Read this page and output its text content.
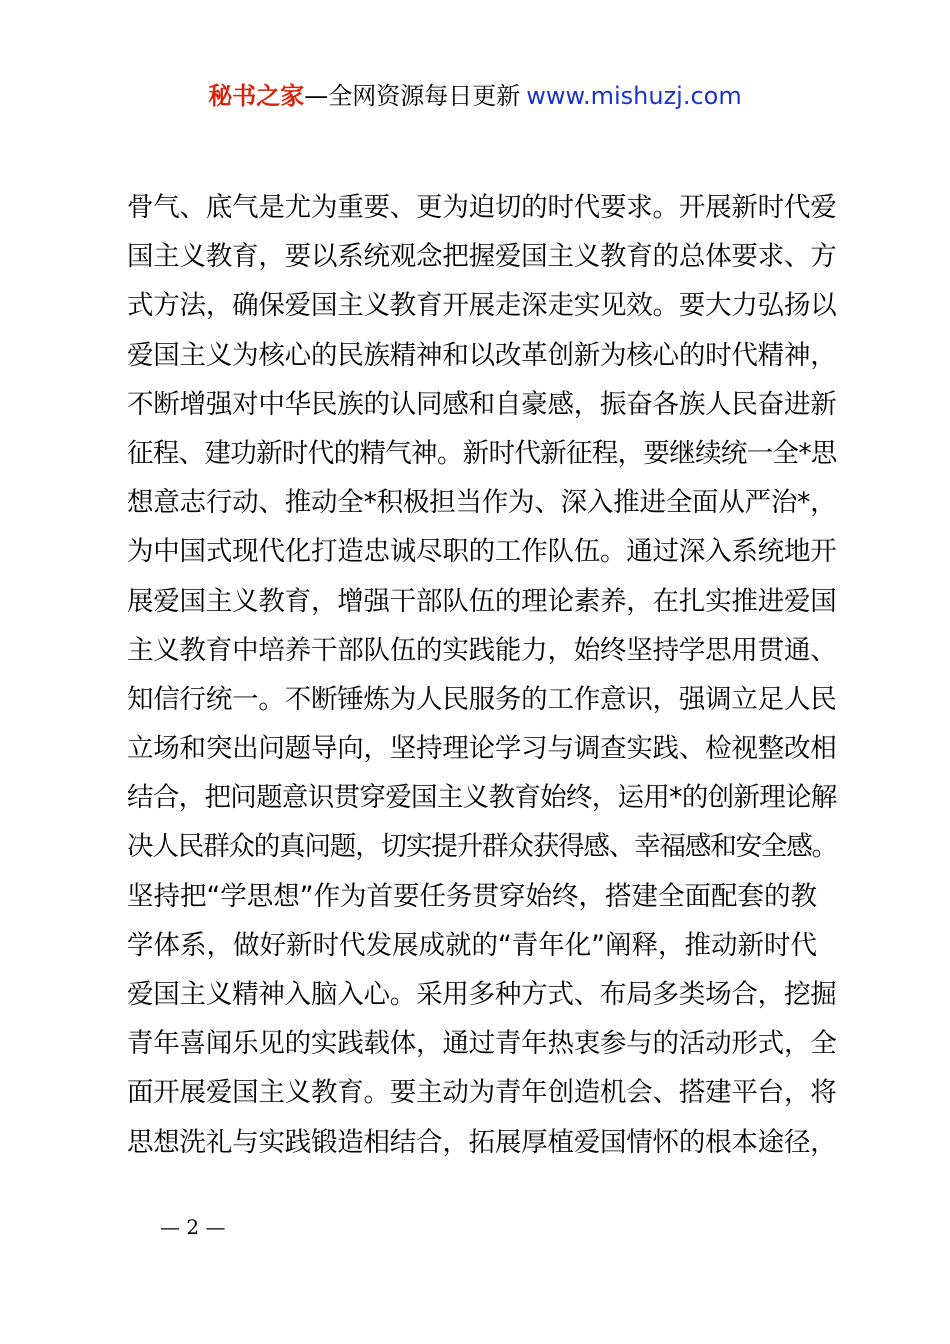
秘书之家—全网资源每日更新 www.mishuzj.com
骨气、底气是尤为重要、更为迫切的时代要求。开展新时代爱
国主义教育，要以系统观念把握爱国主义教育的总体要求、方
式方法，确保爱国主义教育开展走深走实见效。要大力弘扬以
爱国主义为核心的民族精神和以改革创新为核心的时代精神，
不断增强对中华民族的认同感和自豪感，振奋各族人民奋进新
征程、建功新时代的精气神。新时代新征程，要继续统一全*思
想意志行动、推动全*积极担当作为、深入推进全面从严治*，
为中国式现代化打造忠诚尽职的工作队伍。通过深入系统地开
展爱国主义教育，增强干部队伍的理论素养，在扎实推进爱国
主义教育中培养干部队伍的实践能力，始终坚持学思用贯通、
知信行统一。不断锤炼为人民服务的工作意识，强调立足人民
立场和突出问题导向，坚持理论学习与调查实践、检视整改相
结合，把问题意识贯穿爱国主义教育始终，运用*的创新理论解
决人民群众的真问题，切实提升群众获得感、幸福感和安全感。
坚持把“学思想”作为首要任务贯穿始终，搭建全面配套的教
学体系，做好新时代发展成就的“青年化”阐释，推动新时代
爱国主义精神入脑入心。采用多种方式、布局多类场合，挖掘
青年喜闻乐见的实践载体，通过青年热衷参与的活动形式，全
面开展爱国主义教育。要主动为青年创造机会、搭建平台，将
思想洗礼与实践锻造相结合，拓展厚植爱国情怀的根本途径，
— 2 —
